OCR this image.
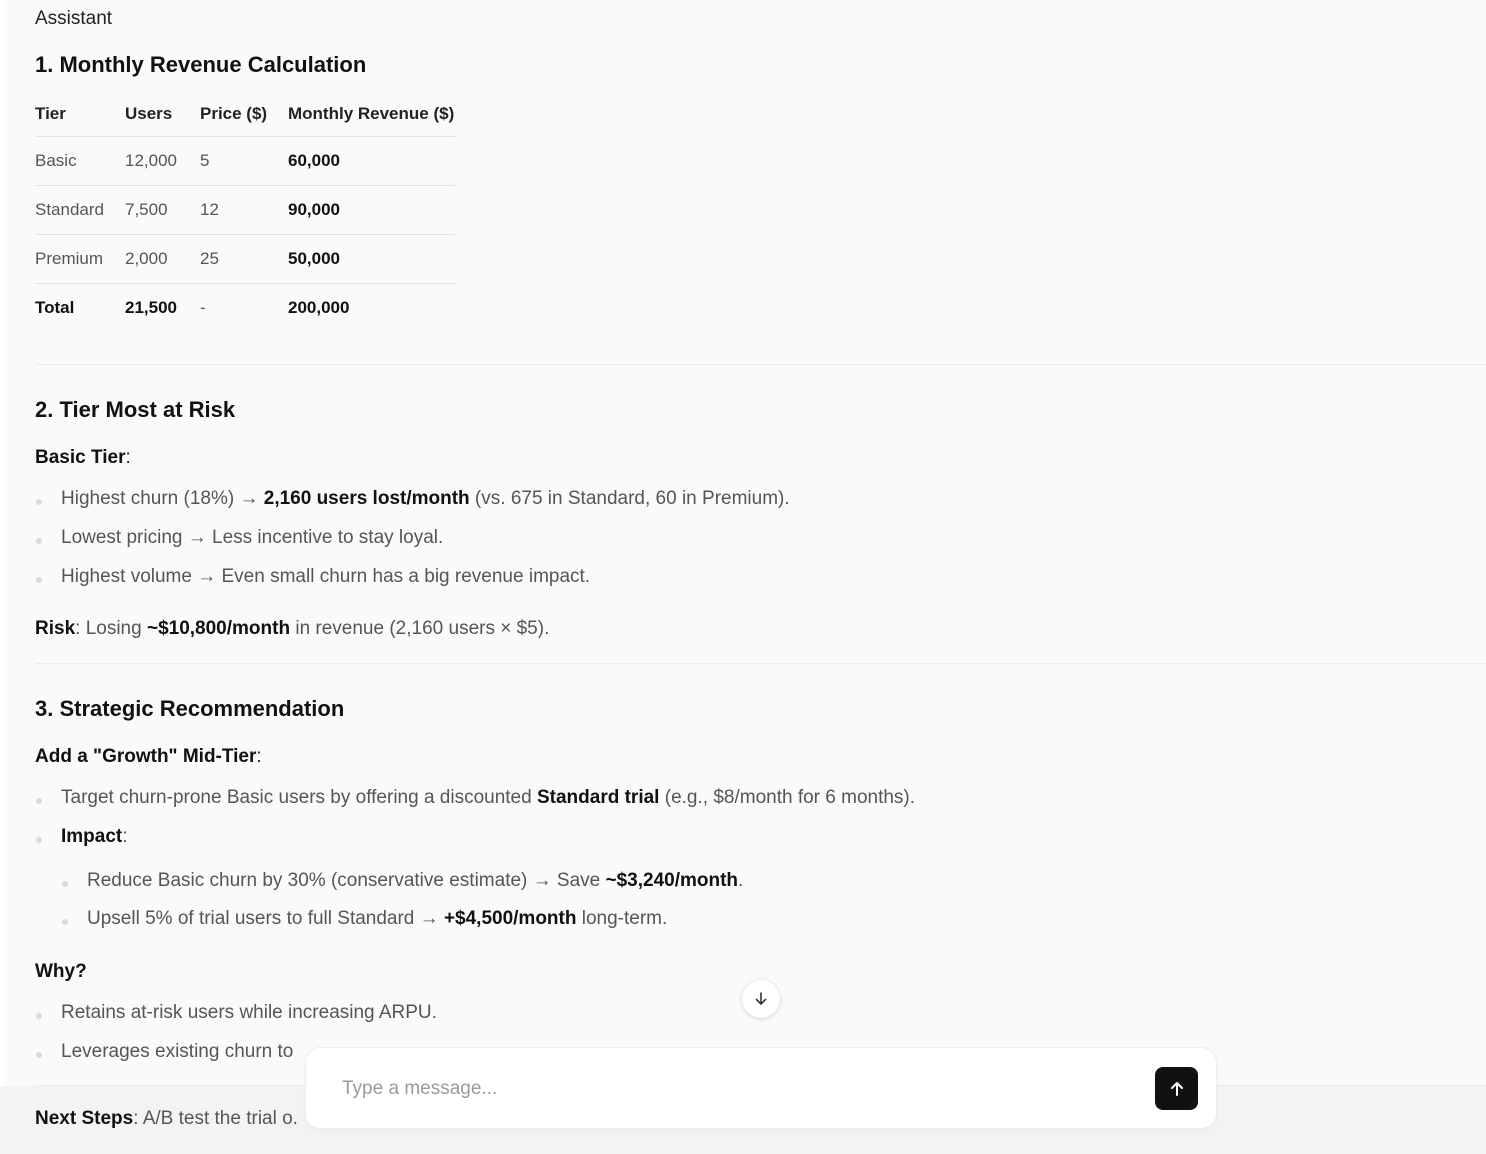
Assistant
1. Monthly Revenue Calculation
Tier	Users	Price ($)	Monthly Revenue ($)
Basic	12,000	5	60,000
Standard	7,500	12	90,000
Premium	2,000	25	50,000
Total	21,500	-	200,000
2. Tier Most at Risk
Basic Tier:
Highest churn (18%) → 2,160 users lost/month (vs. 675 in Standard, 60 in Premium).
Lowest pricing → Less incentive to stay loyal.
Highest volume → Even small churn has a big revenue impact.
Risk: Losing ~$10,800/month in revenue (2,160 users × $5).
3. Strategic Recommendation
Add a "Growth" Mid-Tier:
Target churn-prone Basic users by offering a discounted Standard trial (e.g., $8/month for 6 months).
Impact:
Reduce Basic churn by 30% (conservative estimate) → Save ~$3,240/month.
Upsell 5% of trial users to full Standard → +$4,500/month long-term.
Why?
Retains at-risk users while increasing ARPU.
Leverages existing churn to
Next Steps: A/B test the trial o.
Type a message...
